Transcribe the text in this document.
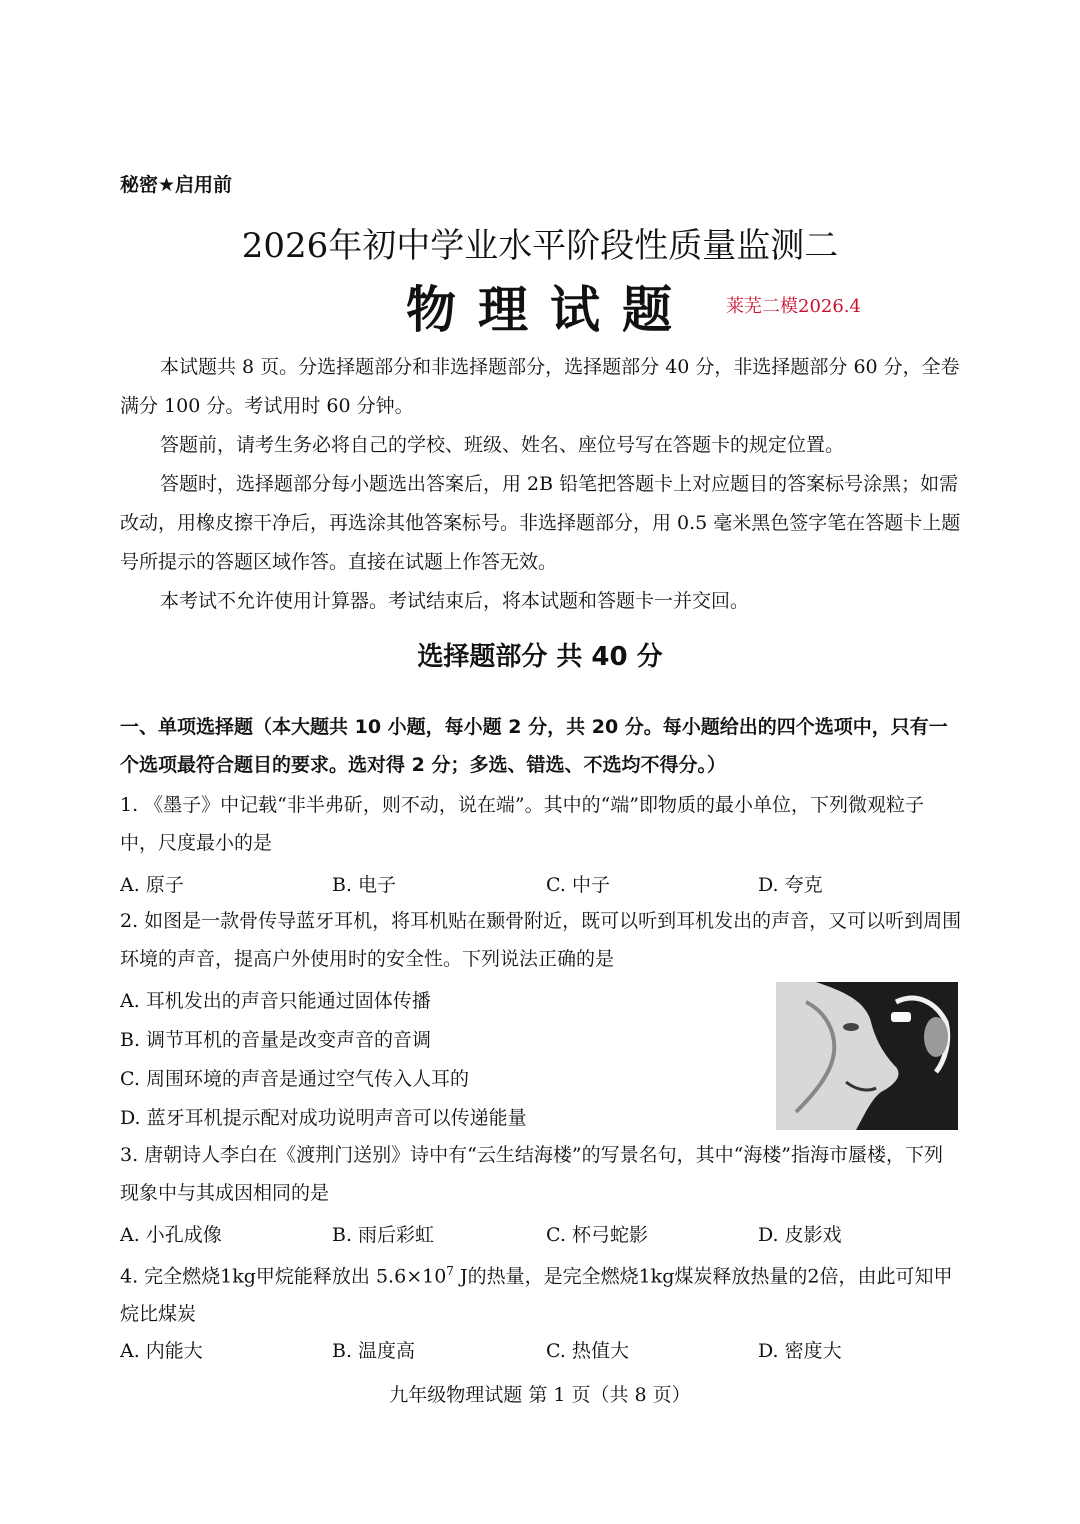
秘密★启用前
2026年初中学业水平阶段性质量监测二
物理试题 莱芜二模2026.4

本试题共 8 页。分选择题部分和非选择题部分，选择题部分 40 分，非选择题部分 60 分，全卷满分 100 分。考试用时 60 分钟。

答题前，请考生务必将自己的学校、班级、姓名、座位号写在答题卡的规定位置。

答题时，选择题部分每小题选出答案后，用 2B 铅笔把答题卡上对应题目的答案标号涂黑；如需改动，用橡皮擦干净后，再选涂其他答案标号。非选择题部分，用 0.5 毫米黑色签字笔在答题卡上题号所提示的答题区域作答。直接在试题上作答无效。

本考试不允许使用计算器。考试结束后，将本试题和答题卡一并交回。

选择题部分 共 40 分
一、单项选择题（本大题共 10 小题，每小题 2 分，共 20 分。每小题给出的四个选项中，只有一个选项最符合题目的要求。选对得 2 分；多选、错选、不选均不得分。）
1. 《墨子》中记载“非半弗斫，则不动，说在端”。其中的“端”即物质的最小单位，下列微观粒子中，尺度最小的是
A. 原子	B. 电子	C. 中子	D. 夸克
2. 如图是一款骨传导蓝牙耳机，将耳机贴在颞骨附近，既可以听到耳机发出的声音，又可以听到周围环境的声音，提高户外使用时的安全性。下列说法正确的是
A. 耳机发出的声音只能通过固体传播
B. 调节耳机的音量是改变声音的音调
C. 周围环境的声音是通过空气传入人耳的
D. 蓝牙耳机提示配对成功说明声音可以传递能量
3. 唐朝诗人李白在《渡荆门送别》诗中有“云生结海楼”的写景名句，其中“海楼”指海市蜃楼，下列现象中与其成因相同的是
A. 小孔成像	B. 雨后彩虹	C. 杯弓蛇影	D. 皮影戏
4. 完全燃烧1kg甲烷能释放出 $5.6\times 10^7$ J的热量，是完全燃烧1kg煤炭释放热量的2倍，由此可知甲烷比煤炭
A. 内能大	B. 温度高	C. 热值大	D. 密度大
九年级物理试题 第 1 页（共 8 页）
